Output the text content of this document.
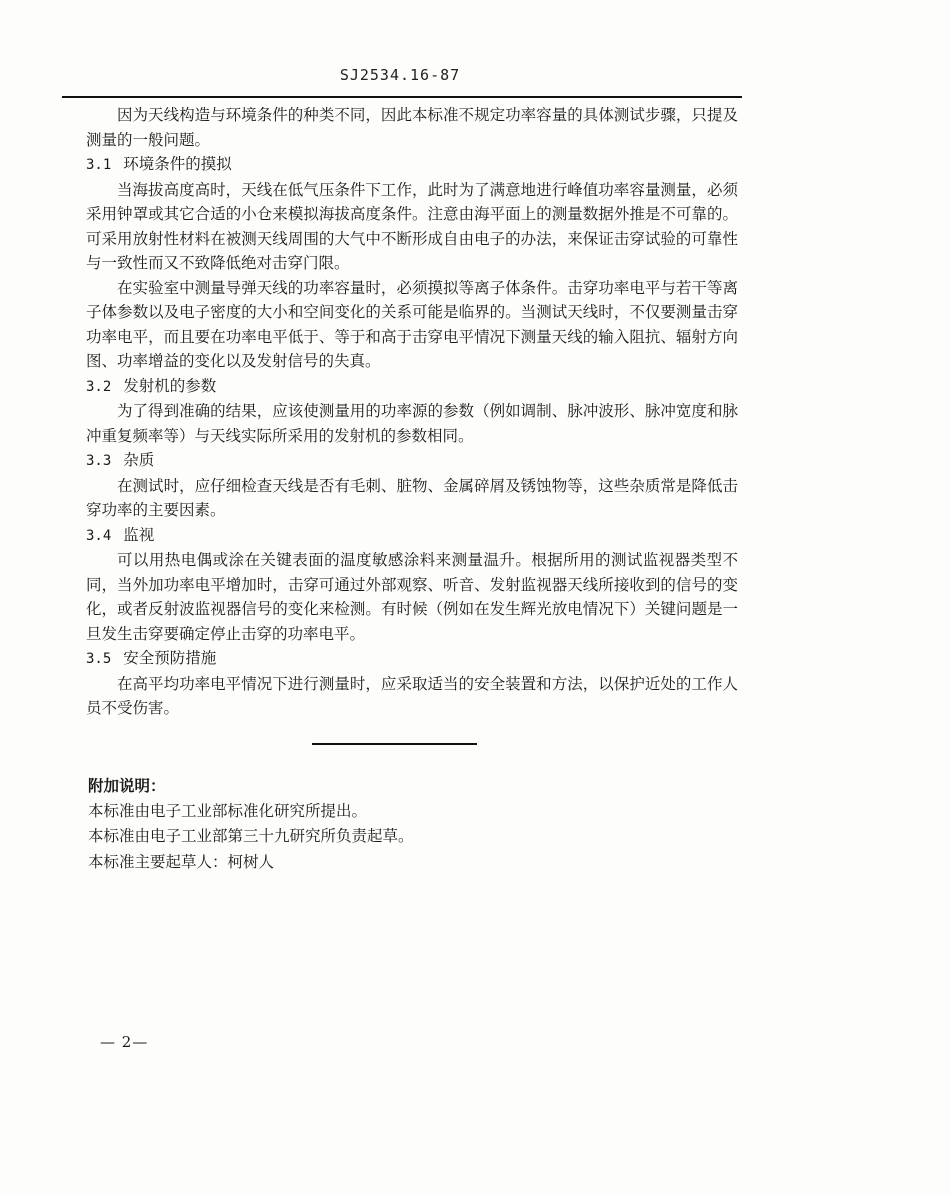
SJ2534.16-87

因为天线构造与环境条件的种类不同，因此本标准不规定功率容量的具体测试步骤，只提及测量的一般问题。

3.1 环境条件的摸拟

当海拔高度高时，天线在低气压条件下工作，此时为了满意地进行峰值功率容量测量，必须采用钟罩或其它合适的小仓来模拟海拔高度条件。注意由海平面上的测量数据外推是不可靠的。可采用放射性材料在被测天线周围的大气中不断形成自由电子的办法，来保证击穿试验的可靠性与一致性而又不致降低绝对击穿门限。

在实验室中测量导弹天线的功率容量时，必须摸拟等离子体条件。击穿功率电平与若干等离子体参数以及电子密度的大小和空间变化的关系可能是临界的。当测试天线时，不仅要测量击穿功率电平，而且要在功率电平低于、等于和高于击穿电平情况下测量天线的输入阻抗、辐射方向图、功率增益的变化以及发射信号的失真。

3.2 发射机的参数

为了得到准确的结果，应该使测量用的功率源的参数（例如调制、脉冲波形、脉冲宽度和脉冲重复频率等）与天线实际所采用的发射机的参数相同。

3.3 杂质

在测试时，应仔细检查天线是否有毛刺、脏物、金属碎屑及锈蚀物等，这些杂质常是降低击穿功率的主要因素。

3.4 监视

可以用热电偶或涂在关键表面的温度敏感涂料来测量温升。根据所用的测试监视器类型不同，当外加功率电平增加时，击穿可通过外部观察、听音、发射监视器天线所接收到的信号的变化，或者反射波监视器信号的变化来检测。有时候（例如在发生辉光放电情况下）关键问题是一旦发生击穿要确定停止击穿的功率电平。

3.5 安全预防措施

在高平均功率电平情况下进行测量时，应采取适当的安全装置和方法，以保护近处的工作人员不受伤害。

附加说明：

本标准由电子工业部标准化研究所提出。

本标准由电子工业部第三十九研究所负责起草。

本标准主要起草人：柯树人

— 2—
